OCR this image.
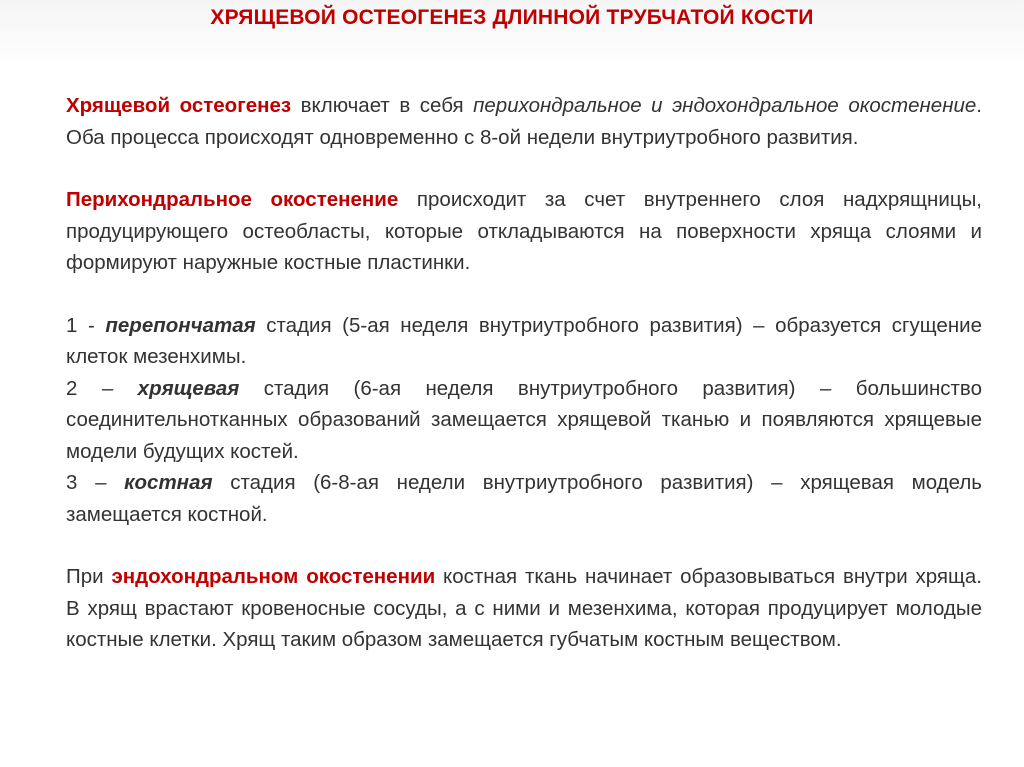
ХРЯЩЕВОЙ ОСТЕОГЕНЕЗ ДЛИННОЙ ТРУБЧАТОЙ КОСТИ

Хрящевой остеогенез включает в себя перихондральное и эндохондральное окостенение. Оба процесса происходят одновременно с 8-ой недели внутриутробного развития.

Перихондральное окостенение происходит за счет внутреннего слоя надхрящницы, продуцирующего остеобласты, которые откладываются на поверхности хряща слоями и формируют наружные костные пластинки.

1 - перепончатая стадия (5-ая неделя внутриутробного развития) – образуется сгущение клеток мезенхимы.

2 – хрящевая стадия (6-ая неделя внутриутробного развития) – большинство соединительнотканных образований замещается хрящевой тканью и появляются хрящевые модели будущих костей.

3 – костная стадия (6-8-ая недели внутриутробного развития) – хрящевая модель замещается костной.

При эндохондральном окостенении костная ткань начинает образовываться внутри хряща. В хрящ врастают кровеносные сосуды, а с ними и мезенхима, которая продуцирует молодые костные клетки. Хрящ таким образом замещается губчатым костным веществом.
